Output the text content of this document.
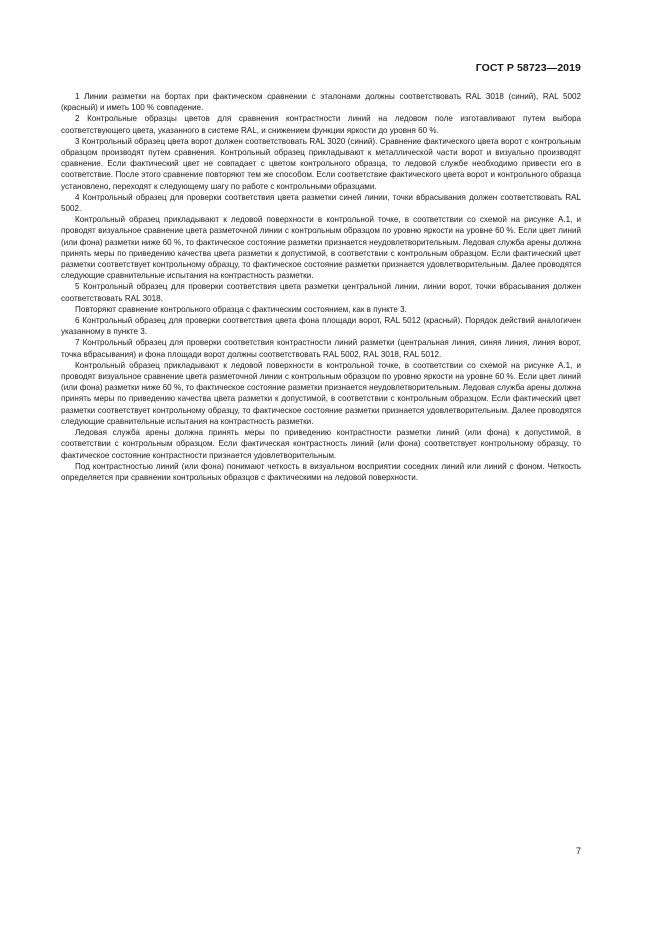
ГОСТ Р 58723—2019

1 Линии разметки на бортах при фактическом сравнении с эталонами должны соответствовать RAL 3018 (синий), RAL 5002 (красный) и иметь 100 % совпадение.

2 Контрольные образцы цветов для сравнения контрастности линий на ледовом поле изготавливают путем выбора соответствующего цвета, указанного в системе RAL, и снижением функции яркости до уровня 60 %.

3 Контрольный образец цвета ворот должен соответствовать RAL 3020 (синий). Сравнение фактического цвета ворот с контрольным образцом производят путем сравнения. Контрольный образец прикладывают к металлической части ворот и визуально производят сравнение. Если фактический цвет не совпадает с цветом контрольного образца, то ледовой службе необходимо привести его в соответствие. После этого сравнение повторяют тем же способом. Если соответствие фактического цвета ворот и контрольного образца установлено, переходят к следующему шагу по работе с контрольными образцами.

4 Контрольный образец для проверки соответствия цвета разметки синей линии, точки вбрасывания должен соответствовать RAL 5002.

Контрольный образец прикладывают к ледовой поверхности в контрольной точке, в соответствии со схемой на рисунке А.1, и проводят визуальное сравнение цвета разметочной линии с контрольным образцом по уровню яркости на уровне 60 %. Если цвет линий (или фона) разметки ниже 60 %, то фактическое состояние разметки признается неудовлетворительным. Ледовая служба арены должна принять меры по приведению качества цвета разметки к допустимой, в соответствии с контрольным образцом. Если фактический цвет разметки соответствует контрольному образцу, то фактическое состояние разметки признается удовлетворительным. Далее проводятся следующие сравнительные испытания на контрастность разметки.

5 Контрольный образец для проверки соответствия цвета разметки центральной линии, линии ворот, точки вбрасывания должен соответствовать RAL 3018.

Повторяют сравнение контрольного образца с фактическим состоянием, как в пункте 3.

6 Контрольный образец для проверки соответствия цвета фона площади ворот, RAL 5012 (красный). Порядок действий аналогичен указанному в пункте 3.

7 Контрольный образец для проверки соответствия контрастности линий разметки (центральная линия, синяя линия, линия ворот, точка вбрасывания) и фона площади ворот должны соответствовать RAL 5002, RAL 3018, RAL 5012.

Контрольный образец прикладывают к ледовой поверхности в контрольной точке, в соответствии со схемой на рисунке А.1, и проводят визуальное сравнение цвета разметочной линии с контрольным образцом по уровню яркости на уровне 60 %. Если цвет линий (или фона) разметки ниже 60 %, то фактическое состояние разметки признается неудовлетворительным. Ледовая служба арены должна принять меры по приведению качества цвета разметки к допустимой, в соответствии с контрольным образцом. Если фактический цвет разметки соответствует контрольному образцу, то фактическое состояние разметки признается удовлетворительным. Далее проводятся следующие сравнительные испытания на контрастность разметки.

Ледовая служба арены должна принять меры по приведению контрастности разметки линий (или фона) к допустимой, в соответствии с контрольным образцом. Если фактическая контрастность линий (или фона) соответствует контрольному образцу, то фактическое состояние контрастности признается удовлетворительным.

Под контрастностью линий (или фона) понимают четкость в визуальном восприятии соседних линий или линий с фоном. Четкость определяется при сравнении контрольных образцов с фактическими на ледовой поверхности.

7
